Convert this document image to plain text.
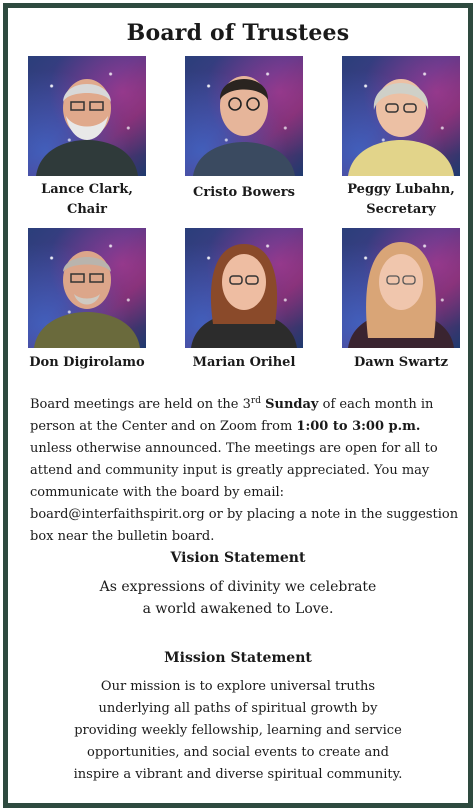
Board of Trustees
Lance Clark,
Chair
Cristo Bowers	Peggy Lubahn,
Secretary
Don Digirolamo	Marian Orihel	Dawn Swartz
Board meetings are held on the 3rd Sunday of each month in person at the Center and on Zoom from 1:00 to 3:00 p.m. unless otherwise announced. The meetings are open for all to attend and community input is greatly appreciated. You may communicate with the board by email: board@interfaithspirit.org or by placing a note in the suggestion box near the bulletin board.
Vision Statement
As expressions of divinity we celebrate
a world awakened to Love.
Mission Statement
Our mission is to explore universal truths
underlying all paths of spiritual growth by
providing weekly fellowship, learning and service
opportunities, and social events to create and
inspire a vibrant and diverse spiritual community.
